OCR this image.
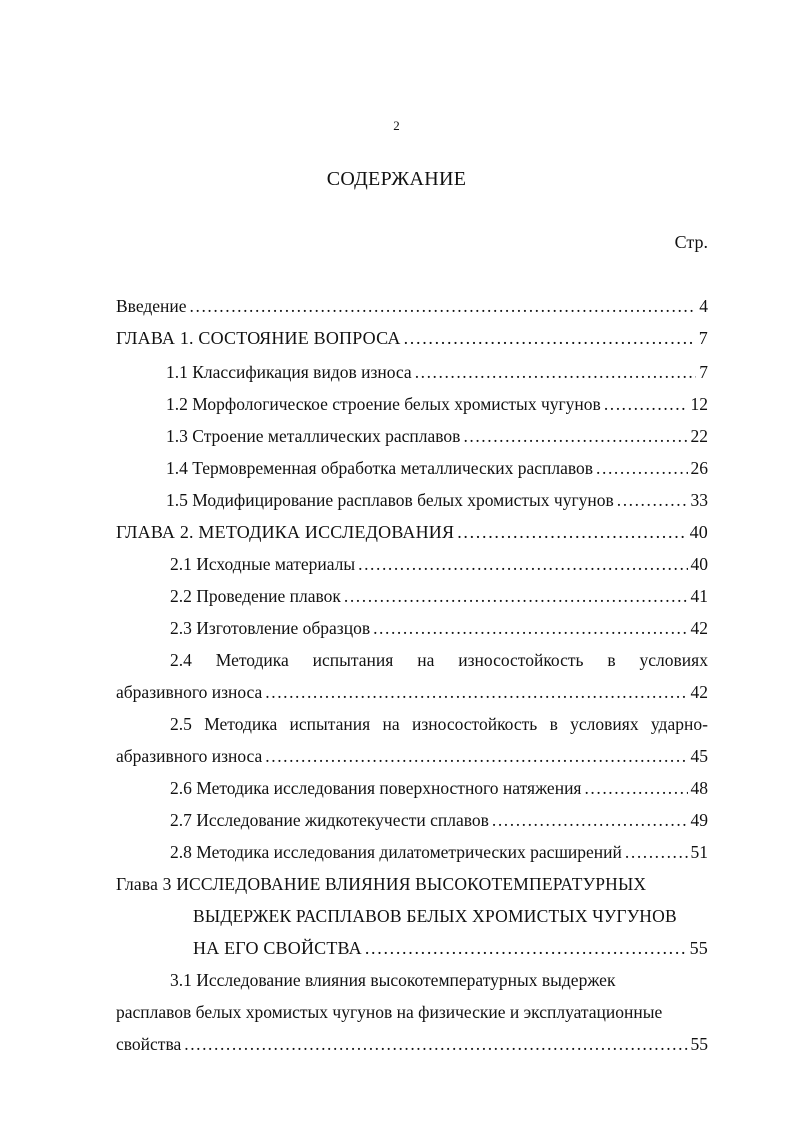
2
СОДЕРЖАНИЕ
Стр.
Введение . . .	4
ГЛАВА 1. СОСТОЯНИЕ ВОПРОСА . . .	7
1.1 Классификация видов износа . . .	7
1.2 Морфологическое строение белых хромистых чугунов . . .	12
1.3 Строение металлических расплавов . . .	22
1.4 Термовременная обработка металлических расплавов . . .	26
1.5 Модифицирование расплавов белых хромистых чугунов . . .	33
ГЛАВА 2. МЕТОДИКА ИССЛЕДОВАНИЯ . . .	40
2.1 Исходные материалы . . .	40
2.2 Проведение плавок . . .	41
2.3 Изготовление образцов . . .	42
2.4 Методика испытания на износостойкость в условиях
абразивного износа . . .	42
2.5 Методика испытания на износостойкость в условиях ударно-
абразивного износа . . .	45
2.6 Методика исследования поверхностного натяжения . . .	48
2.7 Исследование жидкотекучести сплавов . . .	49
2.8 Методика исследования дилатометрических расширений . . .	51
Глава 3 ИССЛЕДОВАНИЕ ВЛИЯНИЯ ВЫСОКОТЕМПЕРАТУРНЫХ
ВЫДЕРЖЕК РАСПЛАВОВ БЕЛЫХ ХРОМИСТЫХ ЧУГУНОВ
НА ЕГО СВОЙСТВА . . .	55
3.1 Исследование влияния высокотемпературных выдержек
расплавов белых хромистых чугунов на физические и эксплуатационные
свойства . . .	55
